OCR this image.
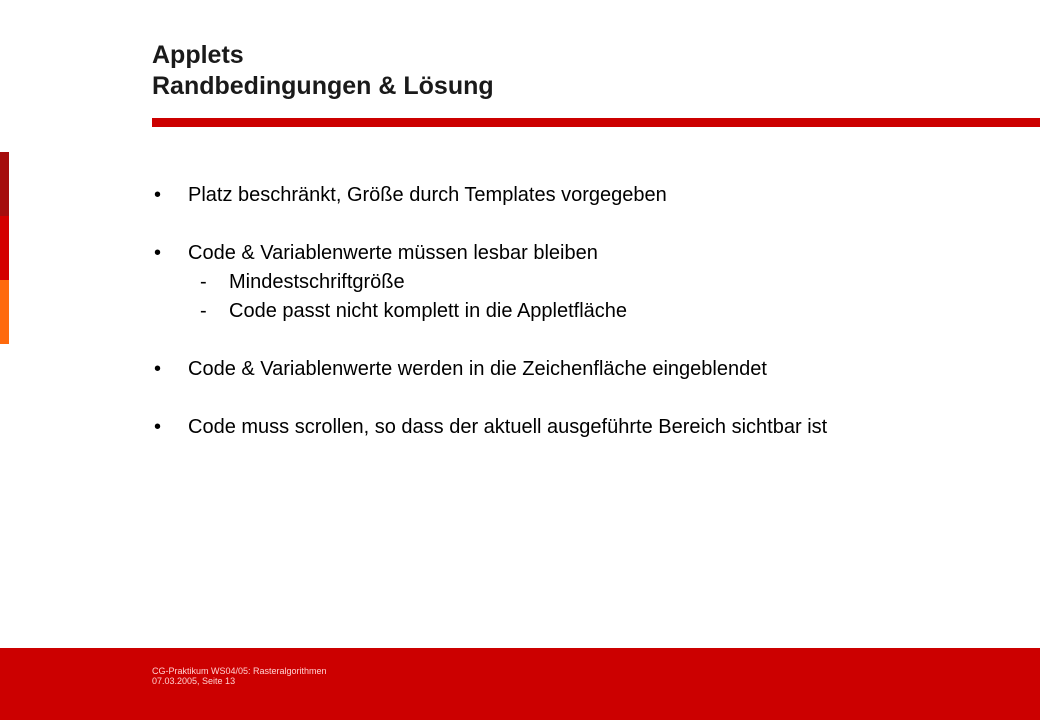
Applets
Randbedingungen & Lösung
• Platz beschränkt, Größe durch Templates vorgegeben
• Code & Variablenwerte müssen lesbar bleiben
- Mindestschriftgröße
- Code passt nicht komplett in die Appletfläche
• Code & Variablenwerte werden in die Zeichenfläche eingeblendet
• Code muss scrollen, so dass der aktuell ausgeführte Bereich sichtbar ist
CG-Praktikum WS04/05: Rasteralgorithmen
07.03.2005, Seite 13
